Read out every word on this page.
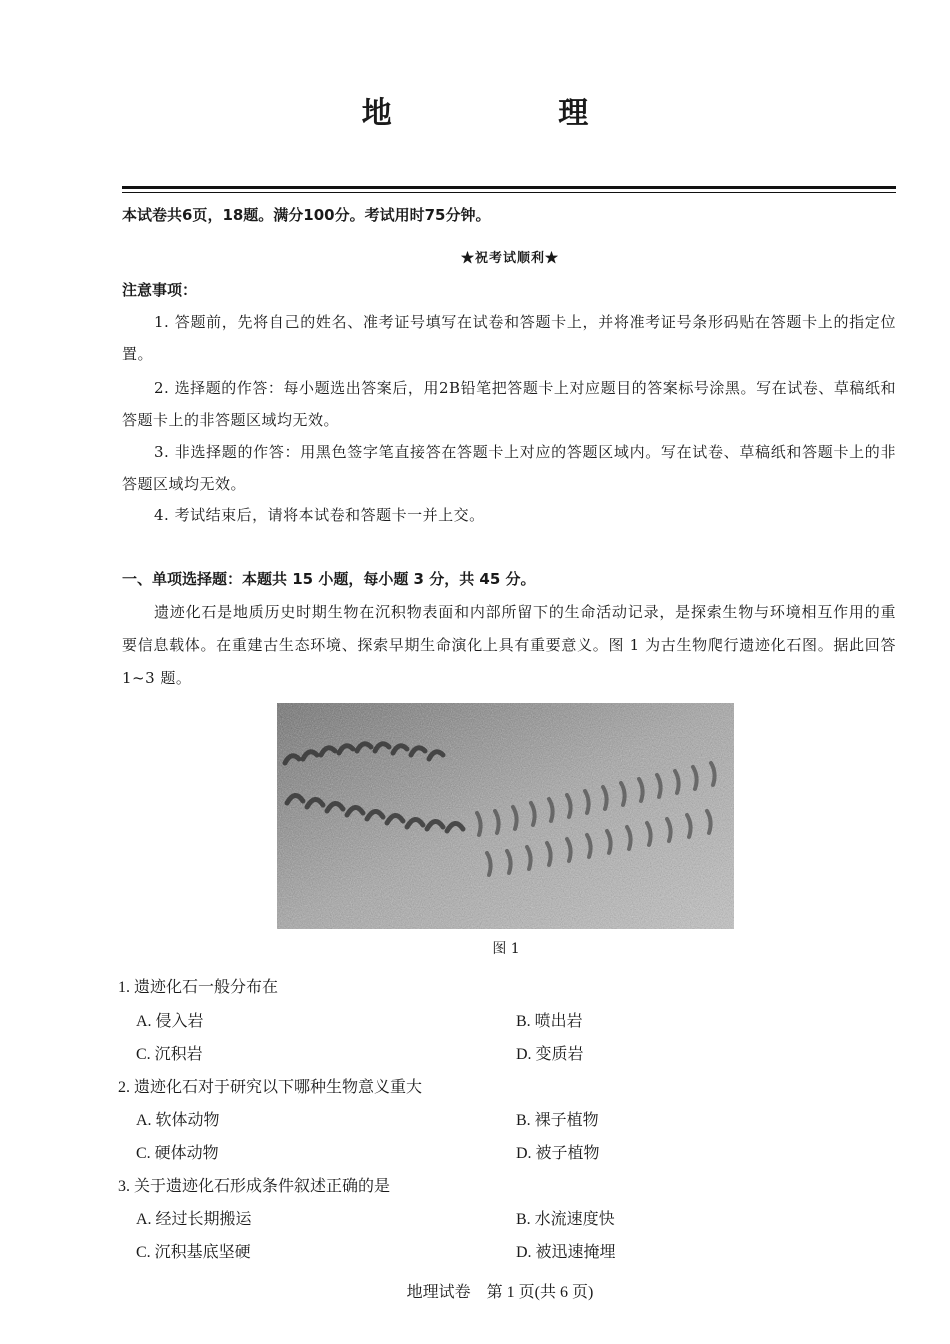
地 理
本试卷共6页，18题。满分100分。考试用时75分钟。
★祝考试顺利★
注意事项：
1. 答题前，先将自己的姓名、准考证号填写在试卷和答题卡上，并将准考证号条形码贴在答题卡上的指定位置。
2. 选择题的作答：每小题选出答案后，用2B铅笔把答题卡上对应题目的答案标号涂黑。写在试卷、草稿纸和答题卡上的非答题区域均无效。
3. 非选择题的作答：用黑色签字笔直接答在答题卡上对应的答题区域内。写在试卷、草稿纸和答题卡上的非答题区域均无效。
4. 考试结束后，请将本试卷和答题卡一并上交。
一、单项选择题：本题共 15 小题，每小题 3 分，共 45 分。
遗迹化石是地质历史时期生物在沉积物表面和内部所留下的生命活动记录，是探索生物与环境相互作用的重要信息载体。在重建古生态环境、探索早期生命演化上具有重要意义。图 1 为古生物爬行遗迹化石图。据此回答 1~3 题。
图 1
1. 遗迹化石一般分布在
A. 侵入岩	B. 喷出岩
C. 沉积岩	D. 变质岩
2. 遗迹化石对于研究以下哪种生物意义重大
A. 软体动物	B. 裸子植物
C. 硬体动物	D. 被子植物
3. 关于遗迹化石形成条件叙述正确的是
A. 经过长期搬运	B. 水流速度快
C. 沉积基底坚硬	D. 被迅速掩埋
地理试卷　第 1 页(共 6 页)
